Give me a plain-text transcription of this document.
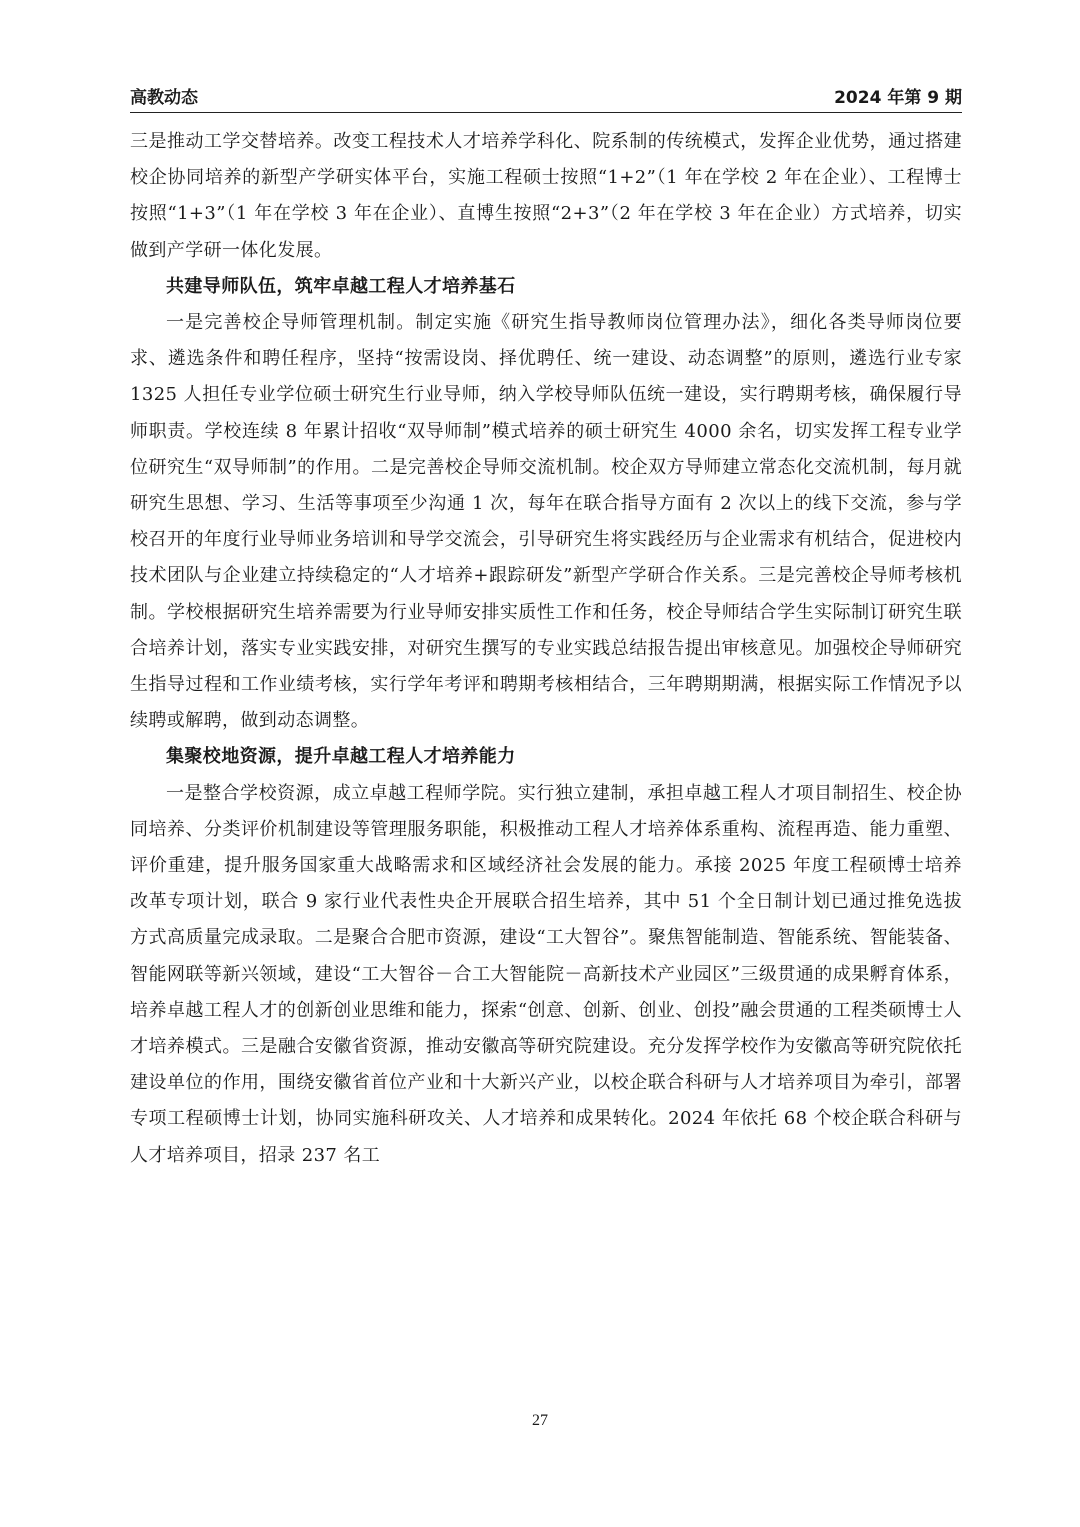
高教动态	2024 年第 9 期

三是推动工学交替培养。改变工程技术人才培养学科化、院系制的传统模式，发挥企业优势，通过搭建校企协同培养的新型产学研实体平台，实施工程硕士按照“1+2”（1 年在学校 2 年在企业）、工程博士按照“1+3”（1 年在学校 3 年在企业）、直博生按照“2+3”（2 年在学校 3 年在企业）方式培养，切实做到产学研一体化发展。

共建导师队伍，筑牢卓越工程人才培养基石

一是完善校企导师管理机制。制定实施《研究生指导教师岗位管理办法》，细化各类导师岗位要求、遴选条件和聘任程序，坚持“按需设岗、择优聘任、统一建设、动态调整”的原则，遴选行业专家 1325 人担任专业学位硕士研究生行业导师，纳入学校导师队伍统一建设，实行聘期考核，确保履行导师职责。学校连续 8 年累计招收“双导师制”模式培养的硕士研究生 4000 余名，切实发挥工程专业学位研究生“双导师制”的作用。二是完善校企导师交流机制。校企双方导师建立常态化交流机制，每月就研究生思想、学习、生活等事项至少沟通 1 次，每年在联合指导方面有 2 次以上的线下交流，参与学校召开的年度行业导师业务培训和导学交流会，引导研究生将实践经历与企业需求有机结合，促进校内技术团队与企业建立持续稳定的“人才培养+跟踪研发”新型产学研合作关系。三是完善校企导师考核机制。学校根据研究生培养需要为行业导师安排实质性工作和任务，校企导师结合学生实际制订研究生联合培养计划，落实专业实践安排，对研究生撰写的专业实践总结报告提出审核意见。加强校企导师研究生指导过程和工作业绩考核，实行学年考评和聘期考核相结合，三年聘期期满，根据实际工作情况予以续聘或解聘，做到动态调整。

集聚校地资源，提升卓越工程人才培养能力

一是整合学校资源，成立卓越工程师学院。实行独立建制，承担卓越工程人才项目制招生、校企协同培养、分类评价机制建设等管理服务职能，积极推动工程人才培养体系重构、流程再造、能力重塑、评价重建，提升服务国家重大战略需求和区域经济社会发展的能力。承接 2025 年度工程硕博士培养改革专项计划，联合 9 家行业代表性央企开展联合招生培养，其中 51 个全日制计划已通过推免选拔方式高质量完成录取。二是聚合合肥市资源，建设“工大智谷”。聚焦智能制造、智能系统、智能装备、智能网联等新兴领域，建设“工大智谷－合工大智能院－高新技术产业园区”三级贯通的成果孵育体系，培养卓越工程人才的创新创业思维和能力，探索“创意、创新、创业、创投”融会贯通的工程类硕博士人才培养模式。三是融合安徽省资源，推动安徽高等研究院建设。充分发挥学校作为安徽高等研究院依托建设单位的作用，围绕安徽省首位产业和十大新兴产业，以校企联合科研与人才培养项目为牵引，部署专项工程硕博士计划，协同实施科研攻关、人才培养和成果转化。2024 年依托 68 个校企联合科研与人才培养项目，招录 237 名工

27
